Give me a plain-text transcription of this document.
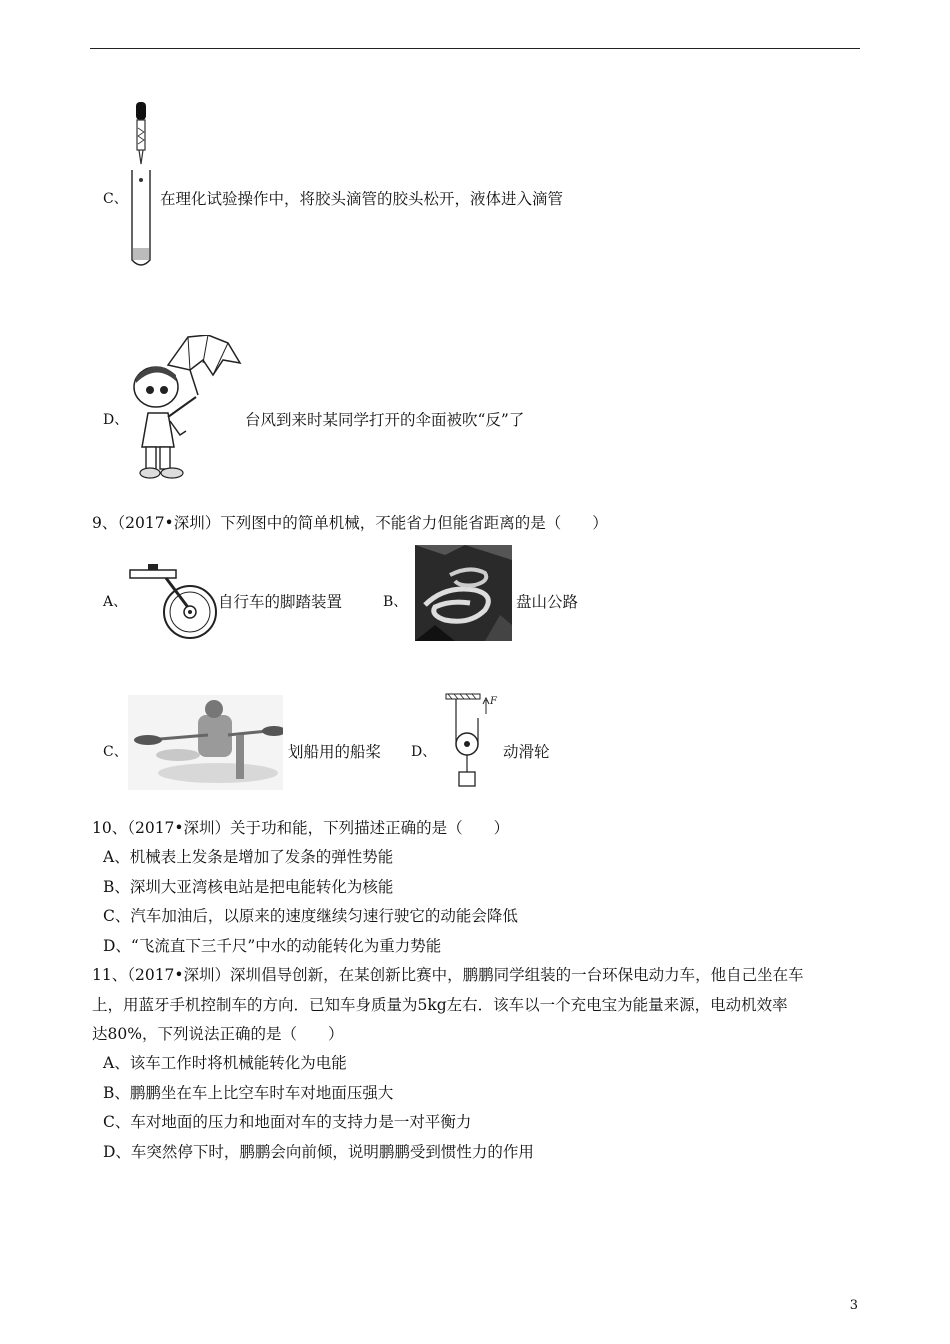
C、 在理化试验操作中，将胶头滴管的胶头松开，液体进入滴管
D、	台风到来时某同学打开的伞面被吹“反”了
9、（2017•深圳）下列图中的简单机械，不能省力但能省距离的是（　　）
A、	自行车的脚踏装置	B、	盘山公路
C、	划船用的船桨 D、
F
动滑轮
10、（2017•深圳）关于功和能，下列描述正确的是（　　）
A、机械表上发条是增加了发条的弹性势能
B、深圳大亚湾核电站是把电能转化为核能
C、汽车加油后，以原来的速度继续匀速行驶它的动能会降低
D、“飞流直下三千尺”中水的动能转化为重力势能
11、（2017•深圳）深圳倡导创新，在某创新比赛中，鹏鹏同学组装的一台环保电动力车，他自己坐在车
上，用蓝牙手机控制车的方向．已知车身质量为5kg左右．该车以一个充电宝为能量来源，电动机效率
达80%，下列说法正确的是（　　）
A、该车工作时将机械能转化为电能
B、鹏鹏坐在车上比空车时车对地面压强大
C、车对地面的压力和地面对车的支持力是一对平衡力
D、车突然停下时，鹏鹏会向前倾，说明鹏鹏受到惯性力的作用
3
